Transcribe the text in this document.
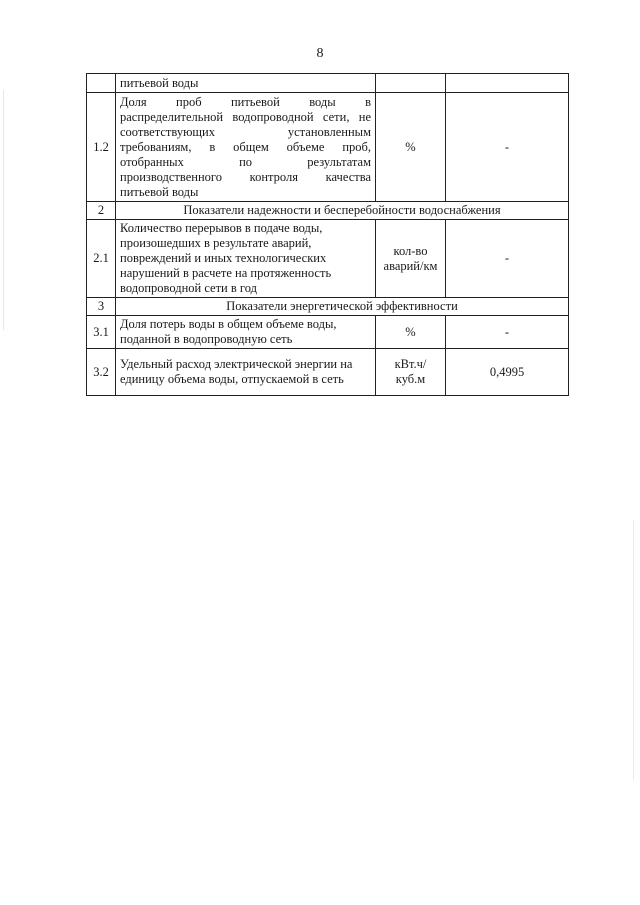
8
	питьевой воды		
1.2	Доля проб питьевой воды в распределительной водопроводной сети, не соответствующих установленным требованиям, в общем объеме проб, отобранных по результатам производственного контроля качества питьевой воды	%	-
2	Показатели надежности и бесперебойности водоснабжения		
2.1	Количество перерывов в подаче воды, произошедших в результате аварий, повреждений и иных технологических нарушений в расчете на протяженность водопроводной сети в год	кол-во аварий/км	-
3	Показатели энергетической эффективности		
3.1	Доля потерь воды в общем объеме воды, поданной в водопроводную сеть	%	-
3.2	Удельный расход электрической энергии на единицу объема воды, отпускаемой в сеть	кВт.ч/ куб.м	0,4995
